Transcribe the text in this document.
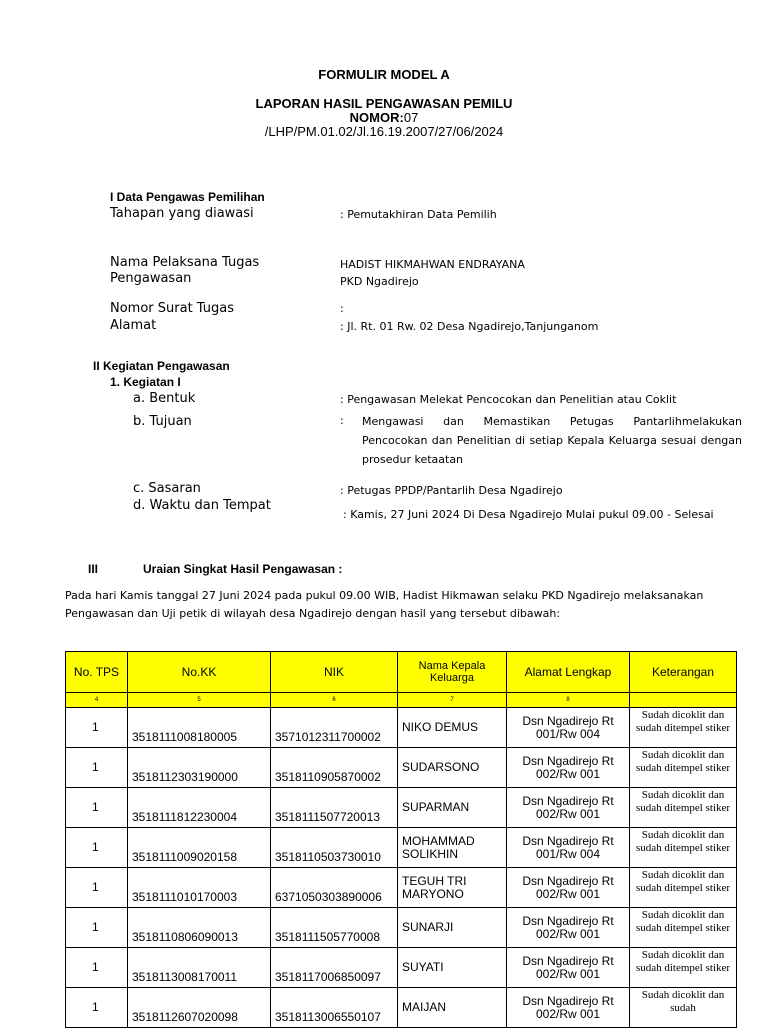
FORMULIR MODEL A
LAPORAN HASIL PENGAWASAN PEMILU
NOMOR:07
/LHP/PM.01.02/Jl.16.19.2007/27/06/2024
I Data Pengawas Pemilihan
Tahapan yang diawasi	: Pemutakhiran Data Pemilih
Nama Pelaksana Tugas
Pengawasan
HADIST HIKMAHWAN ENDRAYANA
PKD Ngadirejo
Nomor Surat Tugas	:
Alamat	: Jl. Rt. 01 Rw. 02 Desa Ngadirejo,Tanjunganom
II Kegiatan Pengawasan
1. Kegiatan I
a. Bentuk	: Pengawasan Melekat Pencocokan dan Penelitian atau Coklit
b. Tujuan	: Mengawasi dan Memastikan Petugas Pantarlihmelakukan Pencocokan dan Penelitian di setiap Kepala Keluarga sesuai dengan prosedur ketaatan
c. Sasaran	: Petugas PPDP/Pantarlih Desa Ngadirejo
d. Waktu dan Tempat
: Kamis, 27 Juni 2024 Di Desa Ngadirejo Mulai pukul 09.00 - Selesai
III	Uraian Singkat Hasil Pengawasan :
Pada hari Kamis tanggal 27 Juni 2024 pada pukul 09.00 WIB, Hadist Hikmawan selaku PKD Ngadirejo melaksanakan
Pengawasan dan Uji petik di wilayah desa Ngadirejo dengan hasil yang tersebut dibawah:
No. TPS	No.KK	NIK	Nama Kepala Keluarga	Alamat Lengkap	Keterangan
4	5	6	7	8	
1	3518111008180005	3571012311700002	NIKO DEMUS	Dsn Ngadirejo Rt 001/Rw 004	Sudah dicoklit dan sudah ditempel stiker
1	3518112303190000	3518110905870002	SUDARSONO	Dsn Ngadirejo Rt 002/Rw 001	Sudah dicoklit dan sudah ditempel stiker
1	3518111812230004	3518111507720013	SUPARMAN	Dsn Ngadirejo Rt 002/Rw 001	Sudah dicoklit dan sudah ditempel stiker
1	3518111009020158	3518110503730010	MOHAMMAD SOLIKHIN	Dsn Ngadirejo Rt 001/Rw 004	Sudah dicoklit dan sudah ditempel stiker
1	3518111010170003	6371050303890006	TEGUH TRI MARYONO	Dsn Ngadirejo Rt 002/Rw 001	Sudah dicoklit dan sudah ditempel stiker
1	3518110806090013	3518111505770008	SUNARJI	Dsn Ngadirejo Rt 002/Rw 001	Sudah dicoklit dan sudah ditempel stiker
1	3518113008170011	3518117006850097	SUYATI	Dsn Ngadirejo Rt 002/Rw 001	Sudah dicoklit dan sudah ditempel stiker
1	3518112607020098	3518113006550107	MAIJAN	Dsn Ngadirejo Rt 002/Rw 001	Sudah dicoklit dan sudah
